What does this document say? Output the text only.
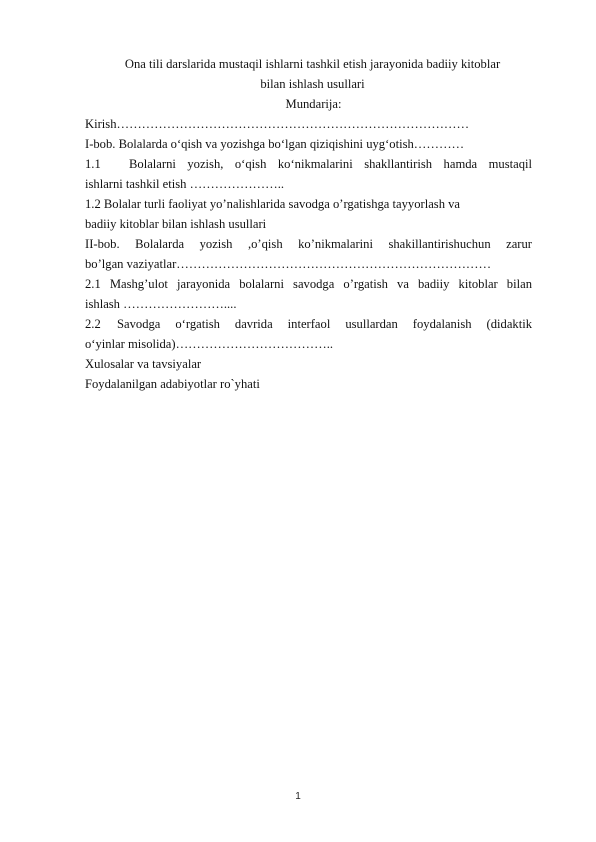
Ona tili darslarida mustaqil ishlarni tashkil etish jarayonida badiiy kitoblar
bilan ishlash usullari
Mundarija:
Kirish…………………………………………………………………………
I-bob. Bolalarda o‘qish va yozishga bo‘lgan qiziqishini uyg‘otish…………
1.1 Bolalarni yozish, o‘qish ko‘nikmalarini shakllantirish hamda mustaqil
ishlarni tashkil etish …………………..
1.2 Bolalar turli faoliyat yo’nalishlarida savodga o’rgatishga tayyorlash va
badiiy kitoblar bilan ishlash usullari
II-bob. Bolalarda yozish ,o’qish ko’nikmalarini shakillantirishuchun zarur
bo’lgan vaziyatlar…………………………………………………………………
2.1 Mashg’ulot jarayonida bolalarni savodga o’rgatish va badiiy kitoblar bilan
ishlash ……………………....
2.2 Savodga o‘rgatish davrida interfaol usullardan foydalanish (didaktik
o‘yinlar misolida)………………………………..
Xulosalar va tavsiyalar
Foydalanilgan adabiyotlar ro`yhati
1
